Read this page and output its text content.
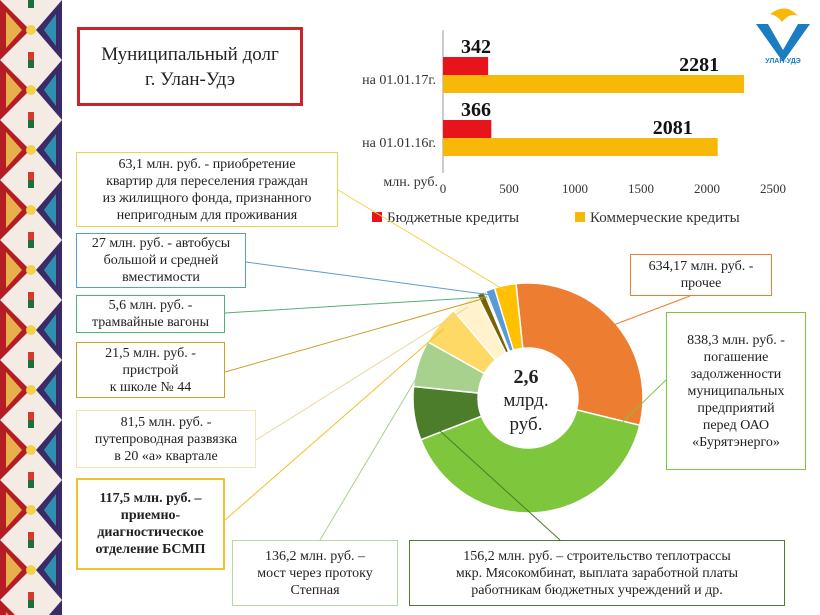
Муниципальный долг
г. Улан-Удэ
УЛАН-УДЭ
0	500	1000	1500	2000	2500
млн. руб.
на 01.01.17г.
342
2281
на 01.01.16г.
366
2081
Бюджетные кредиты	Коммерческие кредиты
2,6
млрд.
руб.
63,1 млн. руб. - приобретение
квартир для переселения граждан
из жилищного фонда, признанного
непригодным для проживания
27 млн. руб. - автобусы
большой и средней
вместимости
5,6 млн. руб. -
трамвайные вагоны
21,5 млн. руб. -
пристрой
к школе № 44
81,5 млн. руб. -
путепроводная развязка
в 20 «а» квартале
117,5 млн. руб. –
приемно-
диагностическое
отделение БСМП	136,2 млн. руб. –
мост через протоку
Степная
156,2 млн. руб. – строительство теплотрассы
мкр. Мясокомбинат, выплата заработной платы
работникам бюджетных учреждений и др.
838,3 млн. руб. -
погашение
задолженности
муниципальных
предприятий
перед ОАО
«Бурятэнерго»
634,17 млн. руб. -
прочее
